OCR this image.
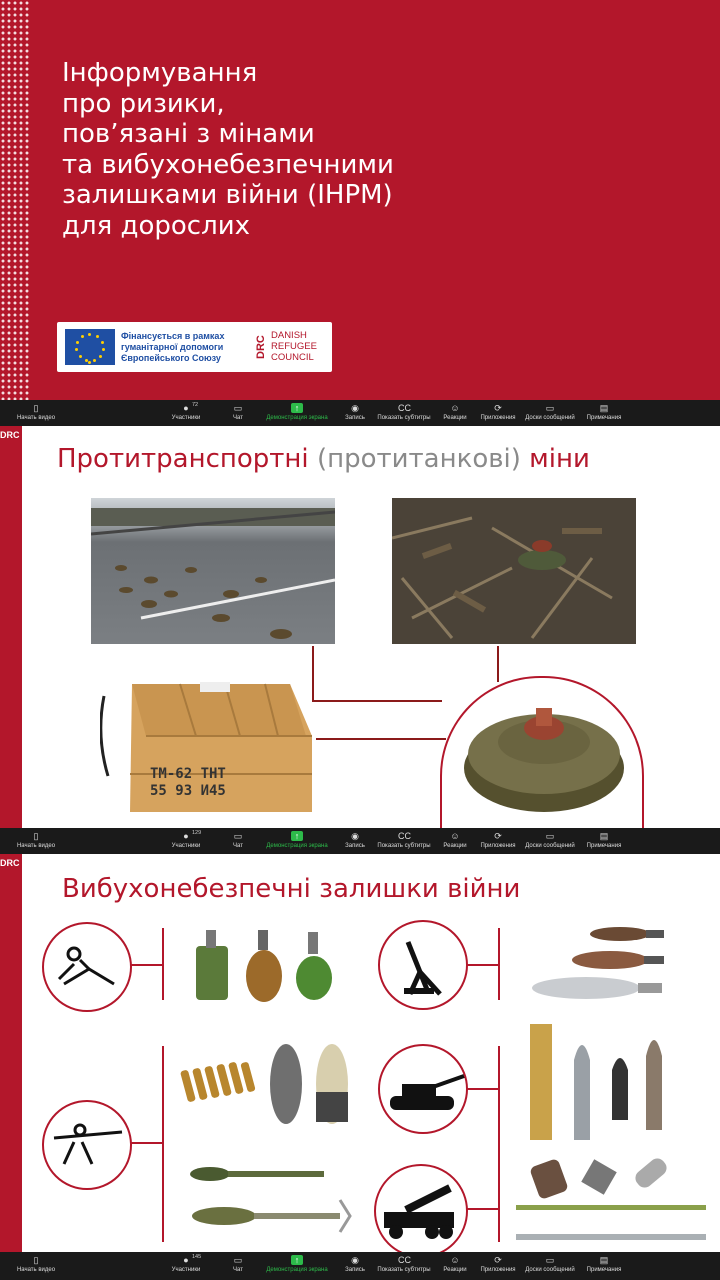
Інформування
про ризики,
пов’язані з мінами
та вибухонебезпечними
залишками війни (ІНРМ)
для дорослих
Фінансується в рамках
гуманітарної допомоги
Європейського Союзу	DRC DANISH
REFUGEE
COUNCIL
▯
Начать видео
● 72
Участники
▭
Чат
↑
Демонстрация экрана
◉
Запись
CC
Показать субтитры
☺
Реакции
⟳
Приложения
▭
Доски сообщений
▤
Примечания
DRC
Протитранспортні (протитанкові) міни
ТМ-62 ТНТ
55 93 И45
▯
Начать видео
● 129
Участники
▭
Чат
↑
Демонстрация экрана
◉
Запись
CC
Показать субтитры
☺
Реакции
⟳
Приложения
▭
Доски сообщений
▤
Примечания
DRC
Вибухонебезпечні залишки війни
▯
Начать видео
● 145
Участники
▭
Чат
↑
Демонстрация экрана
◉
Запись
CC
Показать субтитры
☺
Реакции
⟳
Приложения
▭
Доски сообщений
▤
Примечания
